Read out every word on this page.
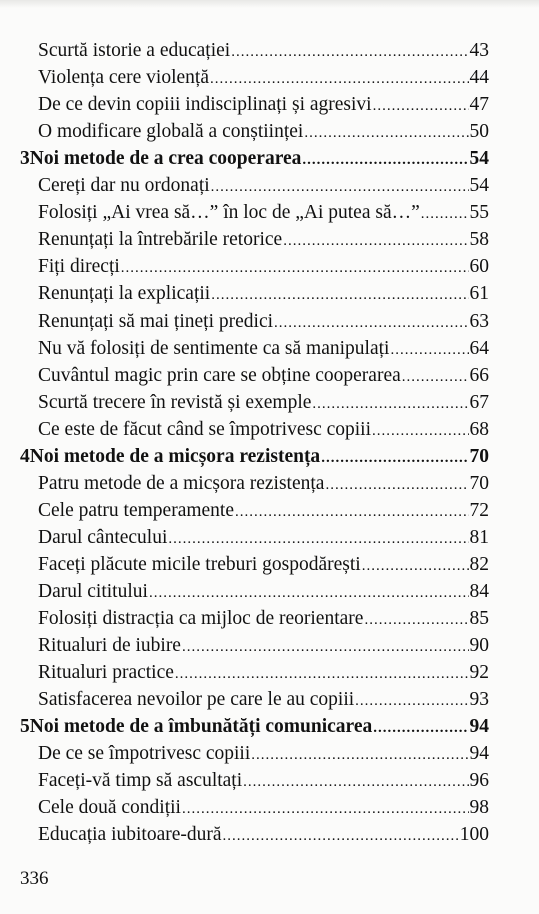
Scurtă istorie a educației .....	43
Violența cere violență .....	44
De ce devin copiii indisciplinați și agresivi .....	47
O modificare globală a conștiinței .....	50
3 Noi metode de a crea cooperarea .....	54
Cereți dar nu ordonați .....	54
Folosiți „Ai vrea să…” în loc de „Ai putea să…” .....	55
Renunțați la întrebările retorice .....	58
Fiți direcți .....	60
Renunțați la explicații .....	61
Renunțați să mai țineți predici .....	63
Nu vă folosiți de sentimente ca să manipulați .....	64
Cuvântul magic prin care se obține cooperarea .....	66
Scurtă trecere în revistă și exemple .....	67
Ce este de făcut când se împotrivesc copiii .....	68
4 Noi metode de a micșora rezistența .....	70
Patru metode de a micșora rezistența .....	70
Cele patru temperamente .....	72
Darul cântecului .....	81
Faceți plăcute micile treburi gospodărești .....	82
Darul cititului .....	84
Folosiți distracția ca mijloc de reorientare .....	85
Ritualuri de iubire .....	90
Ritualuri practice .....	92
Satisfacerea nevoilor pe care le au copiii .....	93
5 Noi metode de a îmbunătăți comunicarea .....	94
De ce se împotrivesc copiii .....	94
Faceți-vă timp să ascultați .....	96
Cele două condiții .....	98
Educația iubitoare-dură .....	100
336
